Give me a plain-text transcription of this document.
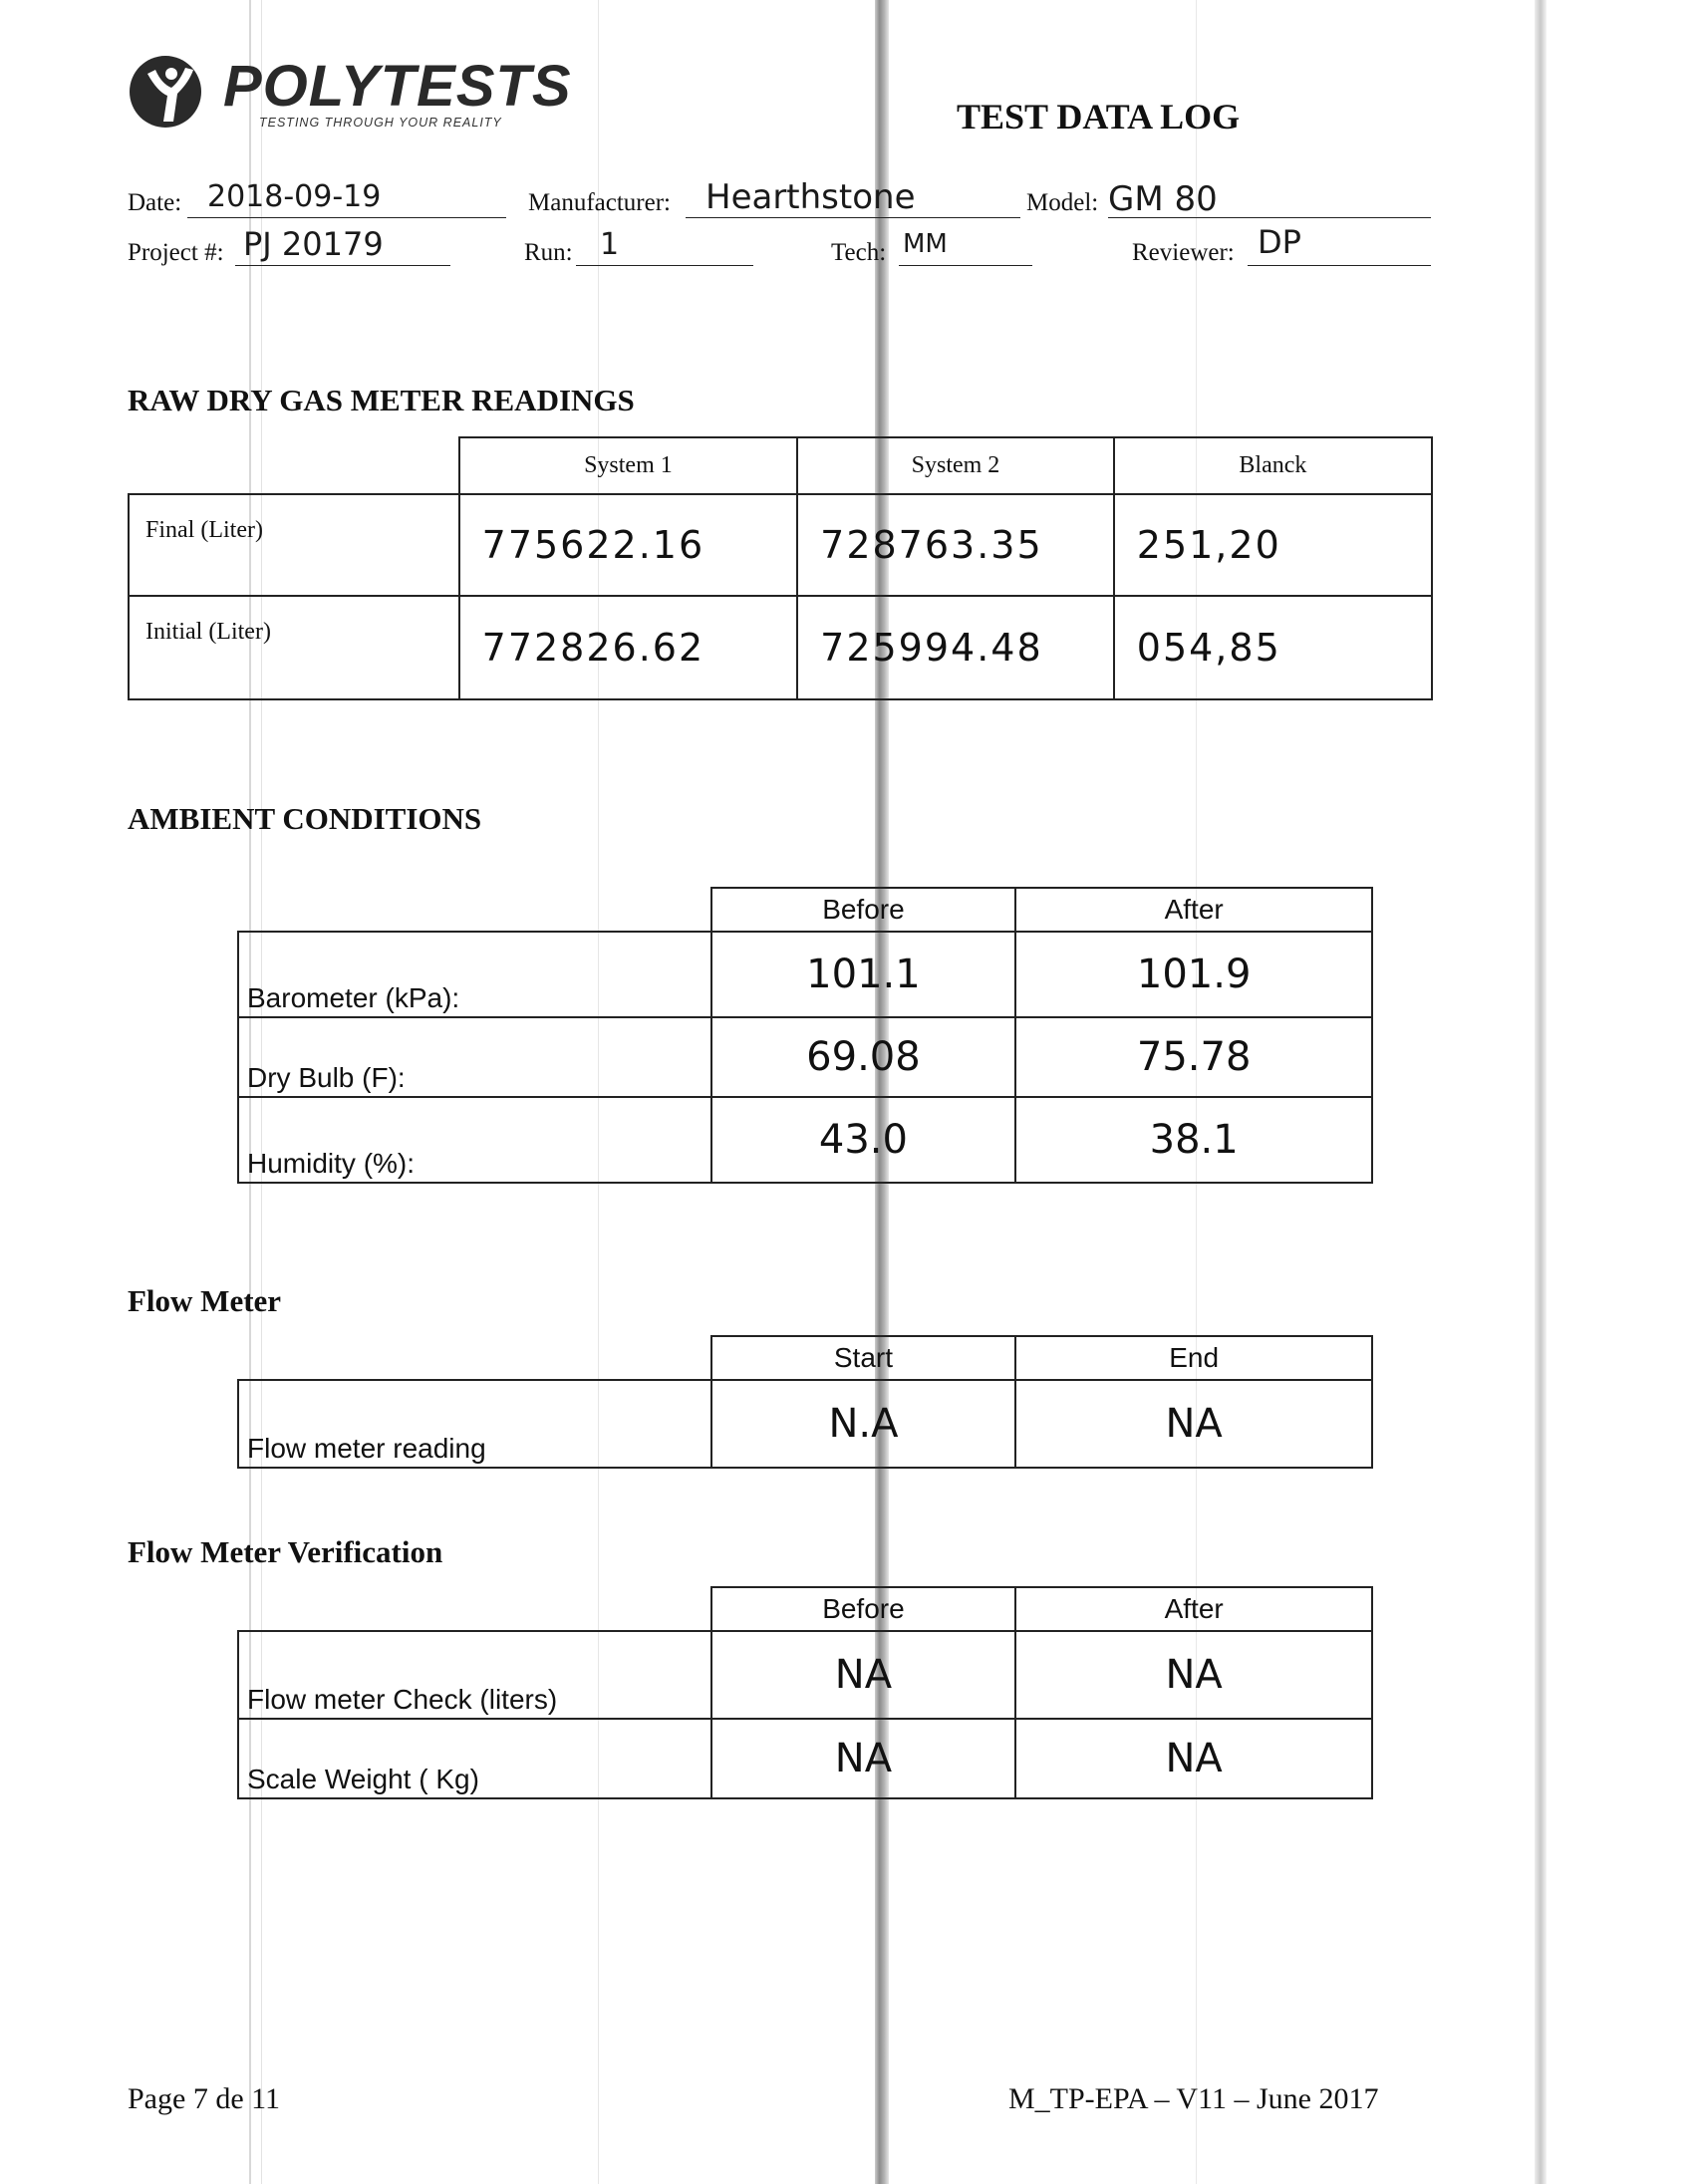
POLYTESTS
TESTING THROUGH YOUR REALITY	TEST DATA LOG
Date: 2018-09-19	Manufacturer: Hearthstone	Model: GM 80
Project #: PJ 20179	Run: 1	Tech: MM	Reviewer: DP
RAW DRY GAS METER READINGS
	System 1	System 2	Blanck
Final (Liter)	775622.16	728763.35	251,20
Initial (Liter)	772826.62	725994.48	054,85
AMBIENT CONDITIONS
	Before	After
Barometer (kPa):	101.1	101.9
Dry Bulb (F):	69.08	75.78
Humidity (%):	43.0	38.1
Flow Meter
	Start	End
Flow meter reading	N.A	NA
Flow Meter Verification
	Before	After
Flow meter Check (liters)	NA	NA
Scale Weight ( Kg)	NA	NA
Page 7 de 11	M_TP-EPA – V11 – June 2017
